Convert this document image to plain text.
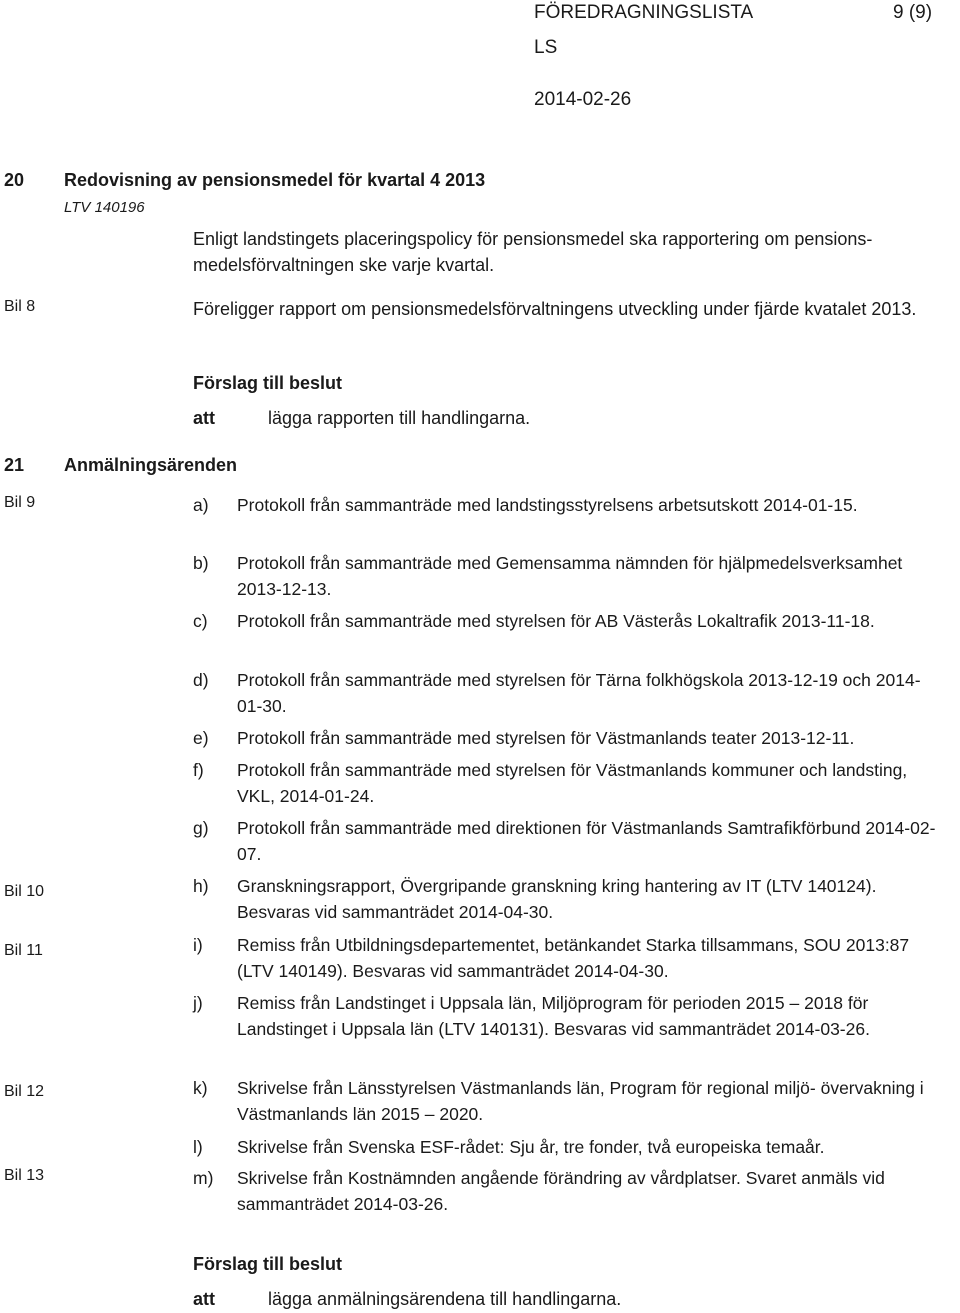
FÖREDRAGNINGSLISTA	9 (9)
LS
2014-02-26
20 Redovisning av pensionsmedel för kvartal 4 2013
LTV 140196
Enligt landstingets placeringspolicy för pensionsmedel ska rapportering om pensions- medelsförvaltningen ske varje kvartal.
Bil 8	Föreligger rapport om pensionsmedelsförvaltningens utveckling under fjärde kvatalet 2013.
Förslag till beslut
att	lägga rapporten till handlingarna.
21 Anmälningsärenden
Bil 9
Bil 10
Bil 11
Bil 12
Bil 13
a) Protokoll från sammanträde med landstingsstyrelsens arbetsutskott 2014-01-15.
b) Protokoll från sammanträde med Gemensamma nämnden för hjälpmedelsverksamhet 2013-12-13.
c) Protokoll från sammanträde med styrelsen för AB Västerås Lokaltrafik 2013-11-18.
d) Protokoll från sammanträde med styrelsen för Tärna folkhögskola 2013-12-19 och 2014-01-30.
e) Protokoll från sammanträde med styrelsen för Västmanlands teater 2013-12-11.
f) Protokoll från sammanträde med styrelsen för Västmanlands kommuner och landsting, VKL, 2014-01-24.
g) Protokoll från sammanträde med direktionen för Västmanlands Samtrafikförbund 2014-02-07.
h) Granskningsrapport, Övergripande granskning kring hantering av IT (LTV 140124). Besvaras vid sammanträdet 2014-04-30.
i) Remiss från Utbildningsdepartementet, betänkandet Starka tillsammans, SOU 2013:87 (LTV 140149). Besvaras vid sammanträdet 2014-04-30.
j) Remiss från Landstinget i Uppsala län, Miljöprogram för perioden 2015 – 2018 för Landstinget i Uppsala län (LTV 140131). Besvaras vid sammanträdet 2014-03-26.
k) Skrivelse från Länsstyrelsen Västmanlands län, Program för regional miljö- övervakning i Västmanlands län 2015 – 2020.
l) Skrivelse från Svenska ESF-rådet: Sju år, tre fonder, två europeiska temaår.
m) Skrivelse från Kostnämnden angående förändring av vårdplatser. Svaret anmäls vid sammanträdet 2014-03-26.
Förslag till beslut
att	lägga anmälningsärendena till handlingarna.
